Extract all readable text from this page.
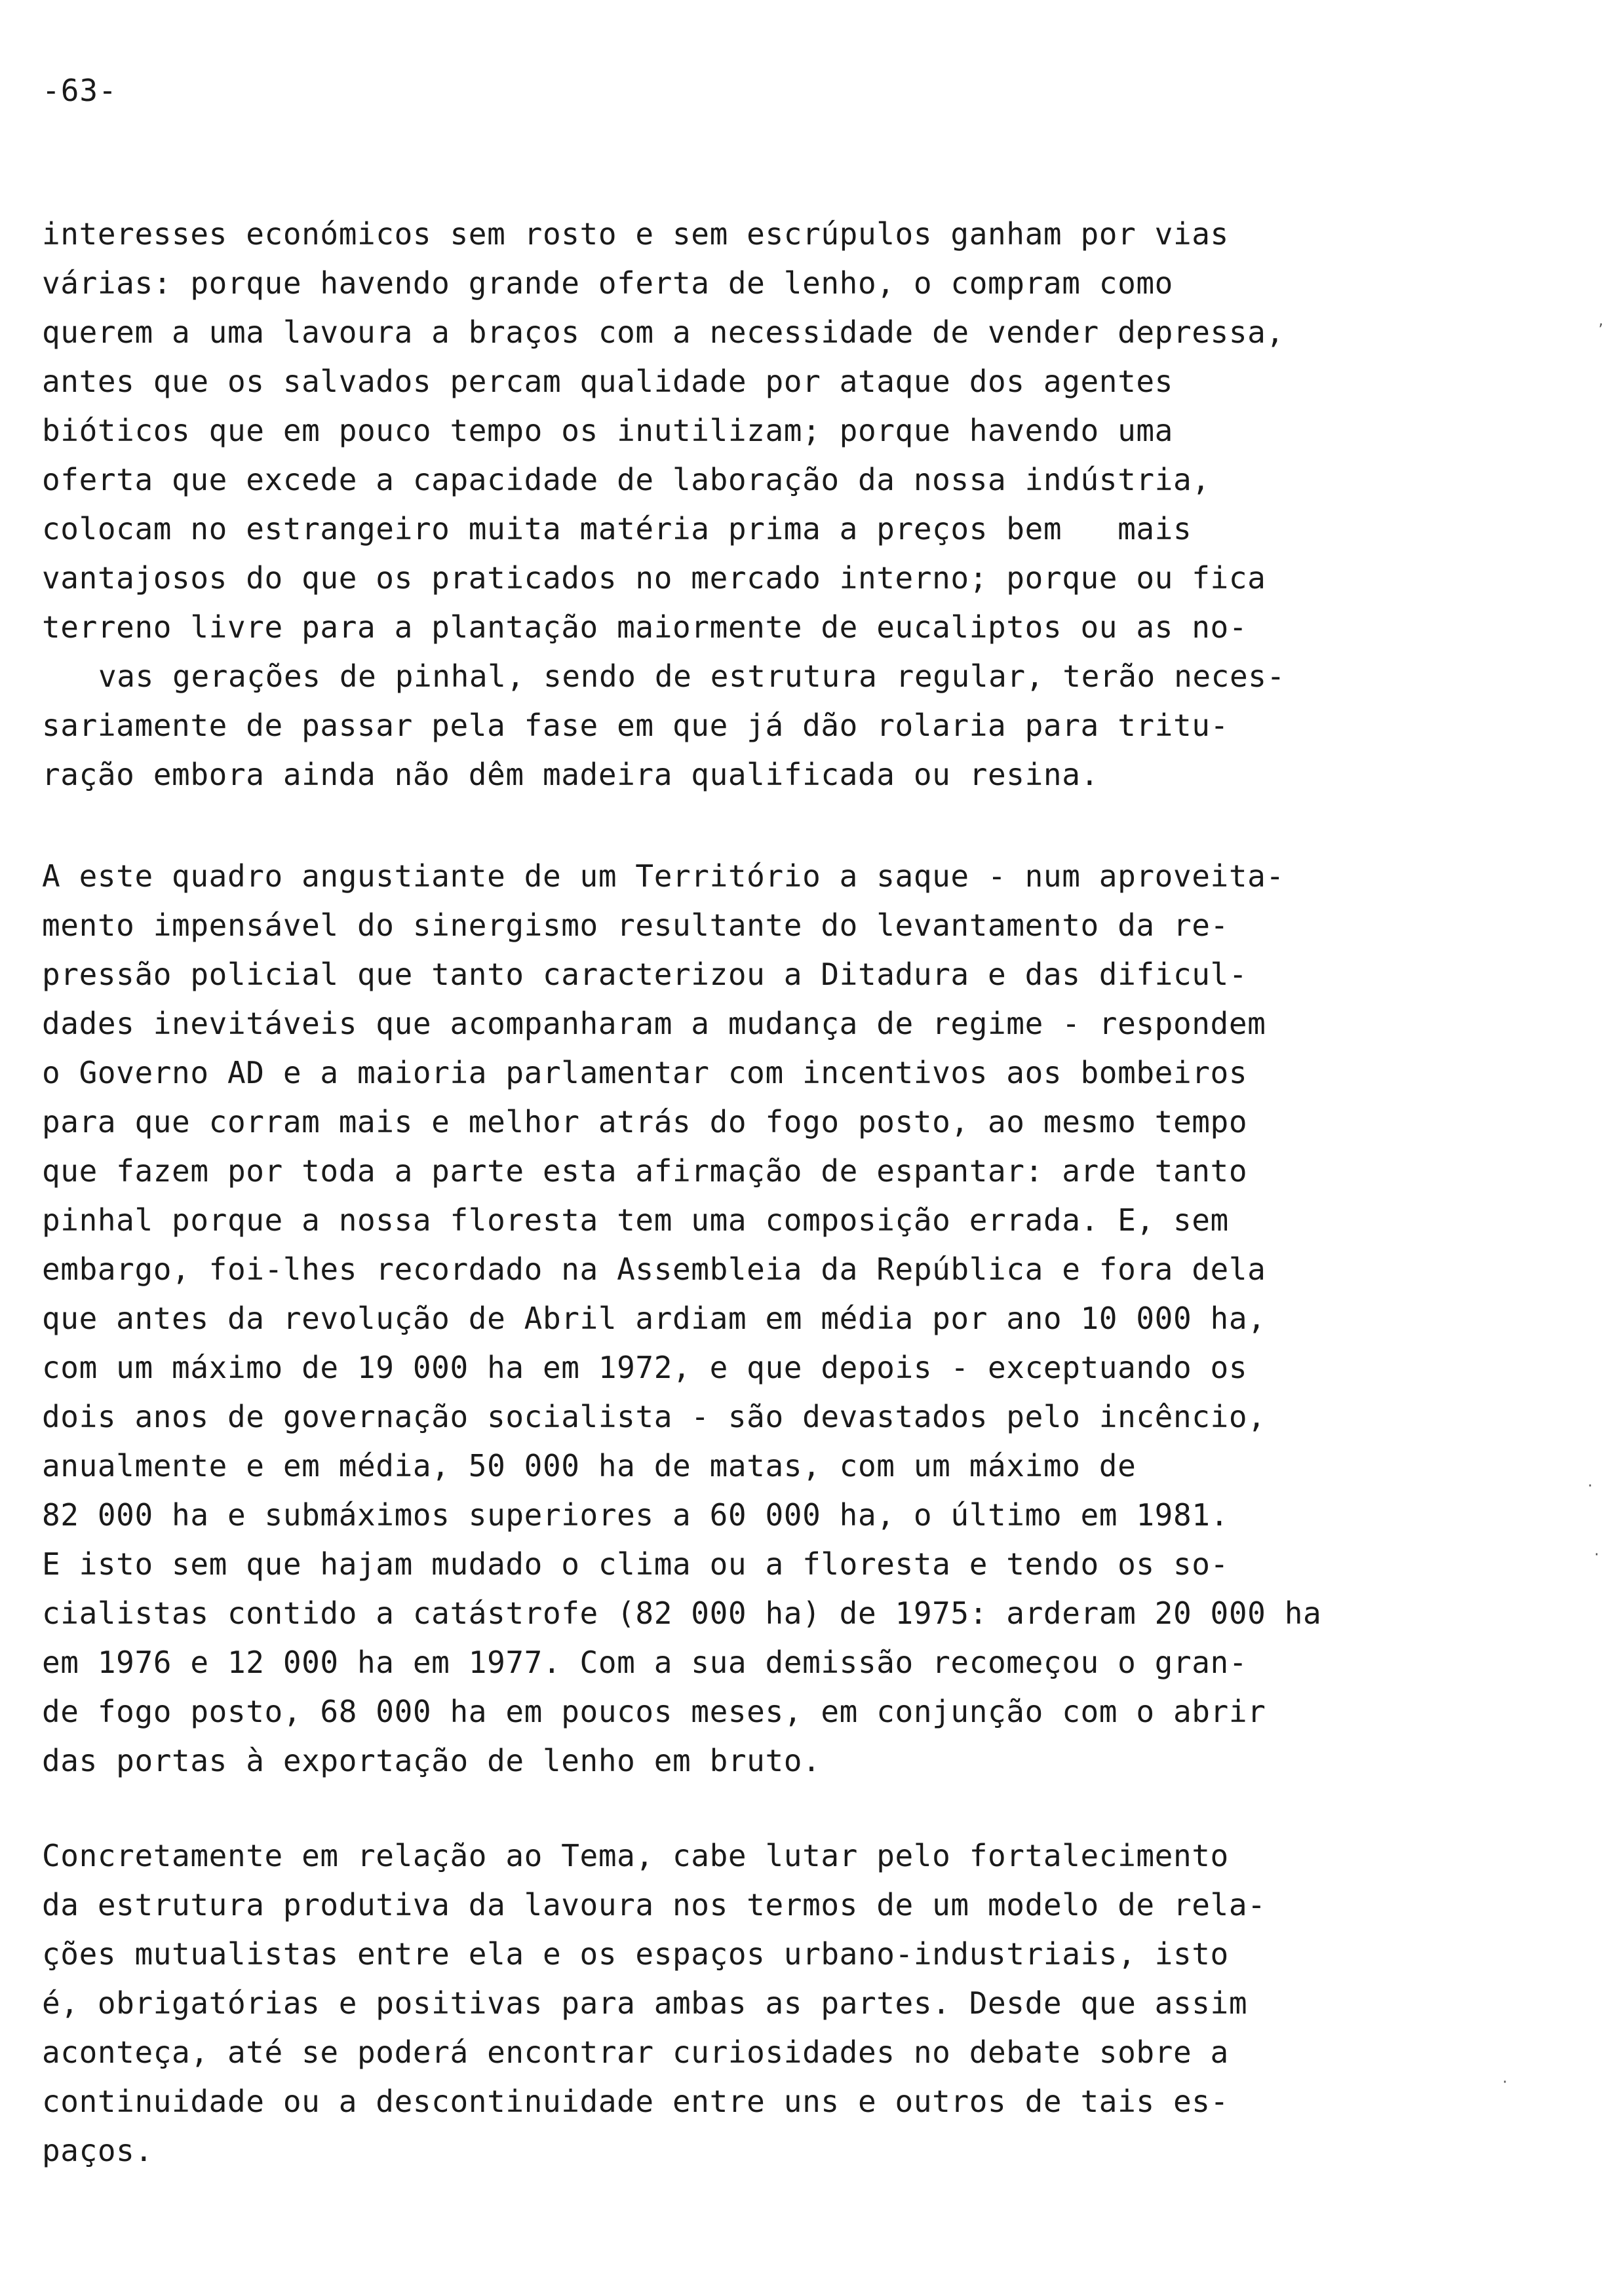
-63-
interesses económicos sem rosto e sem escrúpulos ganham por vias
várias: porque havendo grande oferta de lenho, o compram como
querem a uma lavoura a braços com a necessidade de vender depressa,
antes que os salvados percam qualidade por ataque dos agentes
bióticos que em pouco tempo os inutilizam; porque havendo uma
oferta que excede a capacidade de laboração da nossa indústria,
colocam no estrangeiro muita matéria prima a preços bem   mais
vantajosos do que os praticados no mercado interno; porque ou fica
terreno livre para a plantação maiormente de eucaliptos ou as no-
vas gerações de pinhal, sendo de estrutura regular, terão neces-
sariamente de passar pela fase em que já dão rolaria para tritu-
ração embora ainda não dêm madeira qualificada ou resina.
A este quadro angustiante de um Território a saque - num aproveita-
mento impensável do sinergismo resultante do levantamento da re-
pressão policial que tanto caracterizou a Ditadura e das dificul-
dades inevitáveis que acompanharam a mudança de regime - respondem
o Governo AD e a maioria parlamentar com incentivos aos bombeiros
para que corram mais e melhor atrás do fogo posto, ao mesmo tempo
que fazem por toda a parte esta afirmação de espantar: arde tanto
pinhal porque a nossa floresta tem uma composição errada. E, sem
embargo, foi-lhes recordado na Assembleia da República e fora dela
que antes da revolução de Abril ardiam em média por ano 10 000 ha,
com um máximo de 19 000 ha em 1972, e que depois - exceptuando os
dois anos de governação socialista - são devastados pelo incêncio,
anualmente e em média, 50 000 ha de matas, com um máximo de
82 000 ha e submáximos superiores a 60 000 ha, o último em 1981.
E isto sem que hajam mudado o clima ou a floresta e tendo os so-
cialistas contido a catástrofe (82 000 ha) de 1975: arderam 20 000 ha
em 1976 e 12 000 ha em 1977. Com a sua demissão recomeçou o gran-
de fogo posto, 68 000 ha em poucos meses, em conjunção com o abrir
das portas à exportação de lenho em bruto.
Concretamente em relação ao Tema, cabe lutar pelo fortalecimento
da estrutura produtiva da lavoura nos termos de um modelo de rela-
ções mutualistas entre ela e os espaços urbano-industriais, isto
é, obrigatórias e positivas para ambas as partes. Desde que assim
aconteça, até se poderá encontrar curiosidades no debate sobre a
continuidade ou a descontinuidade entre uns e outros de tais es-
paços.
’
·
·
·
